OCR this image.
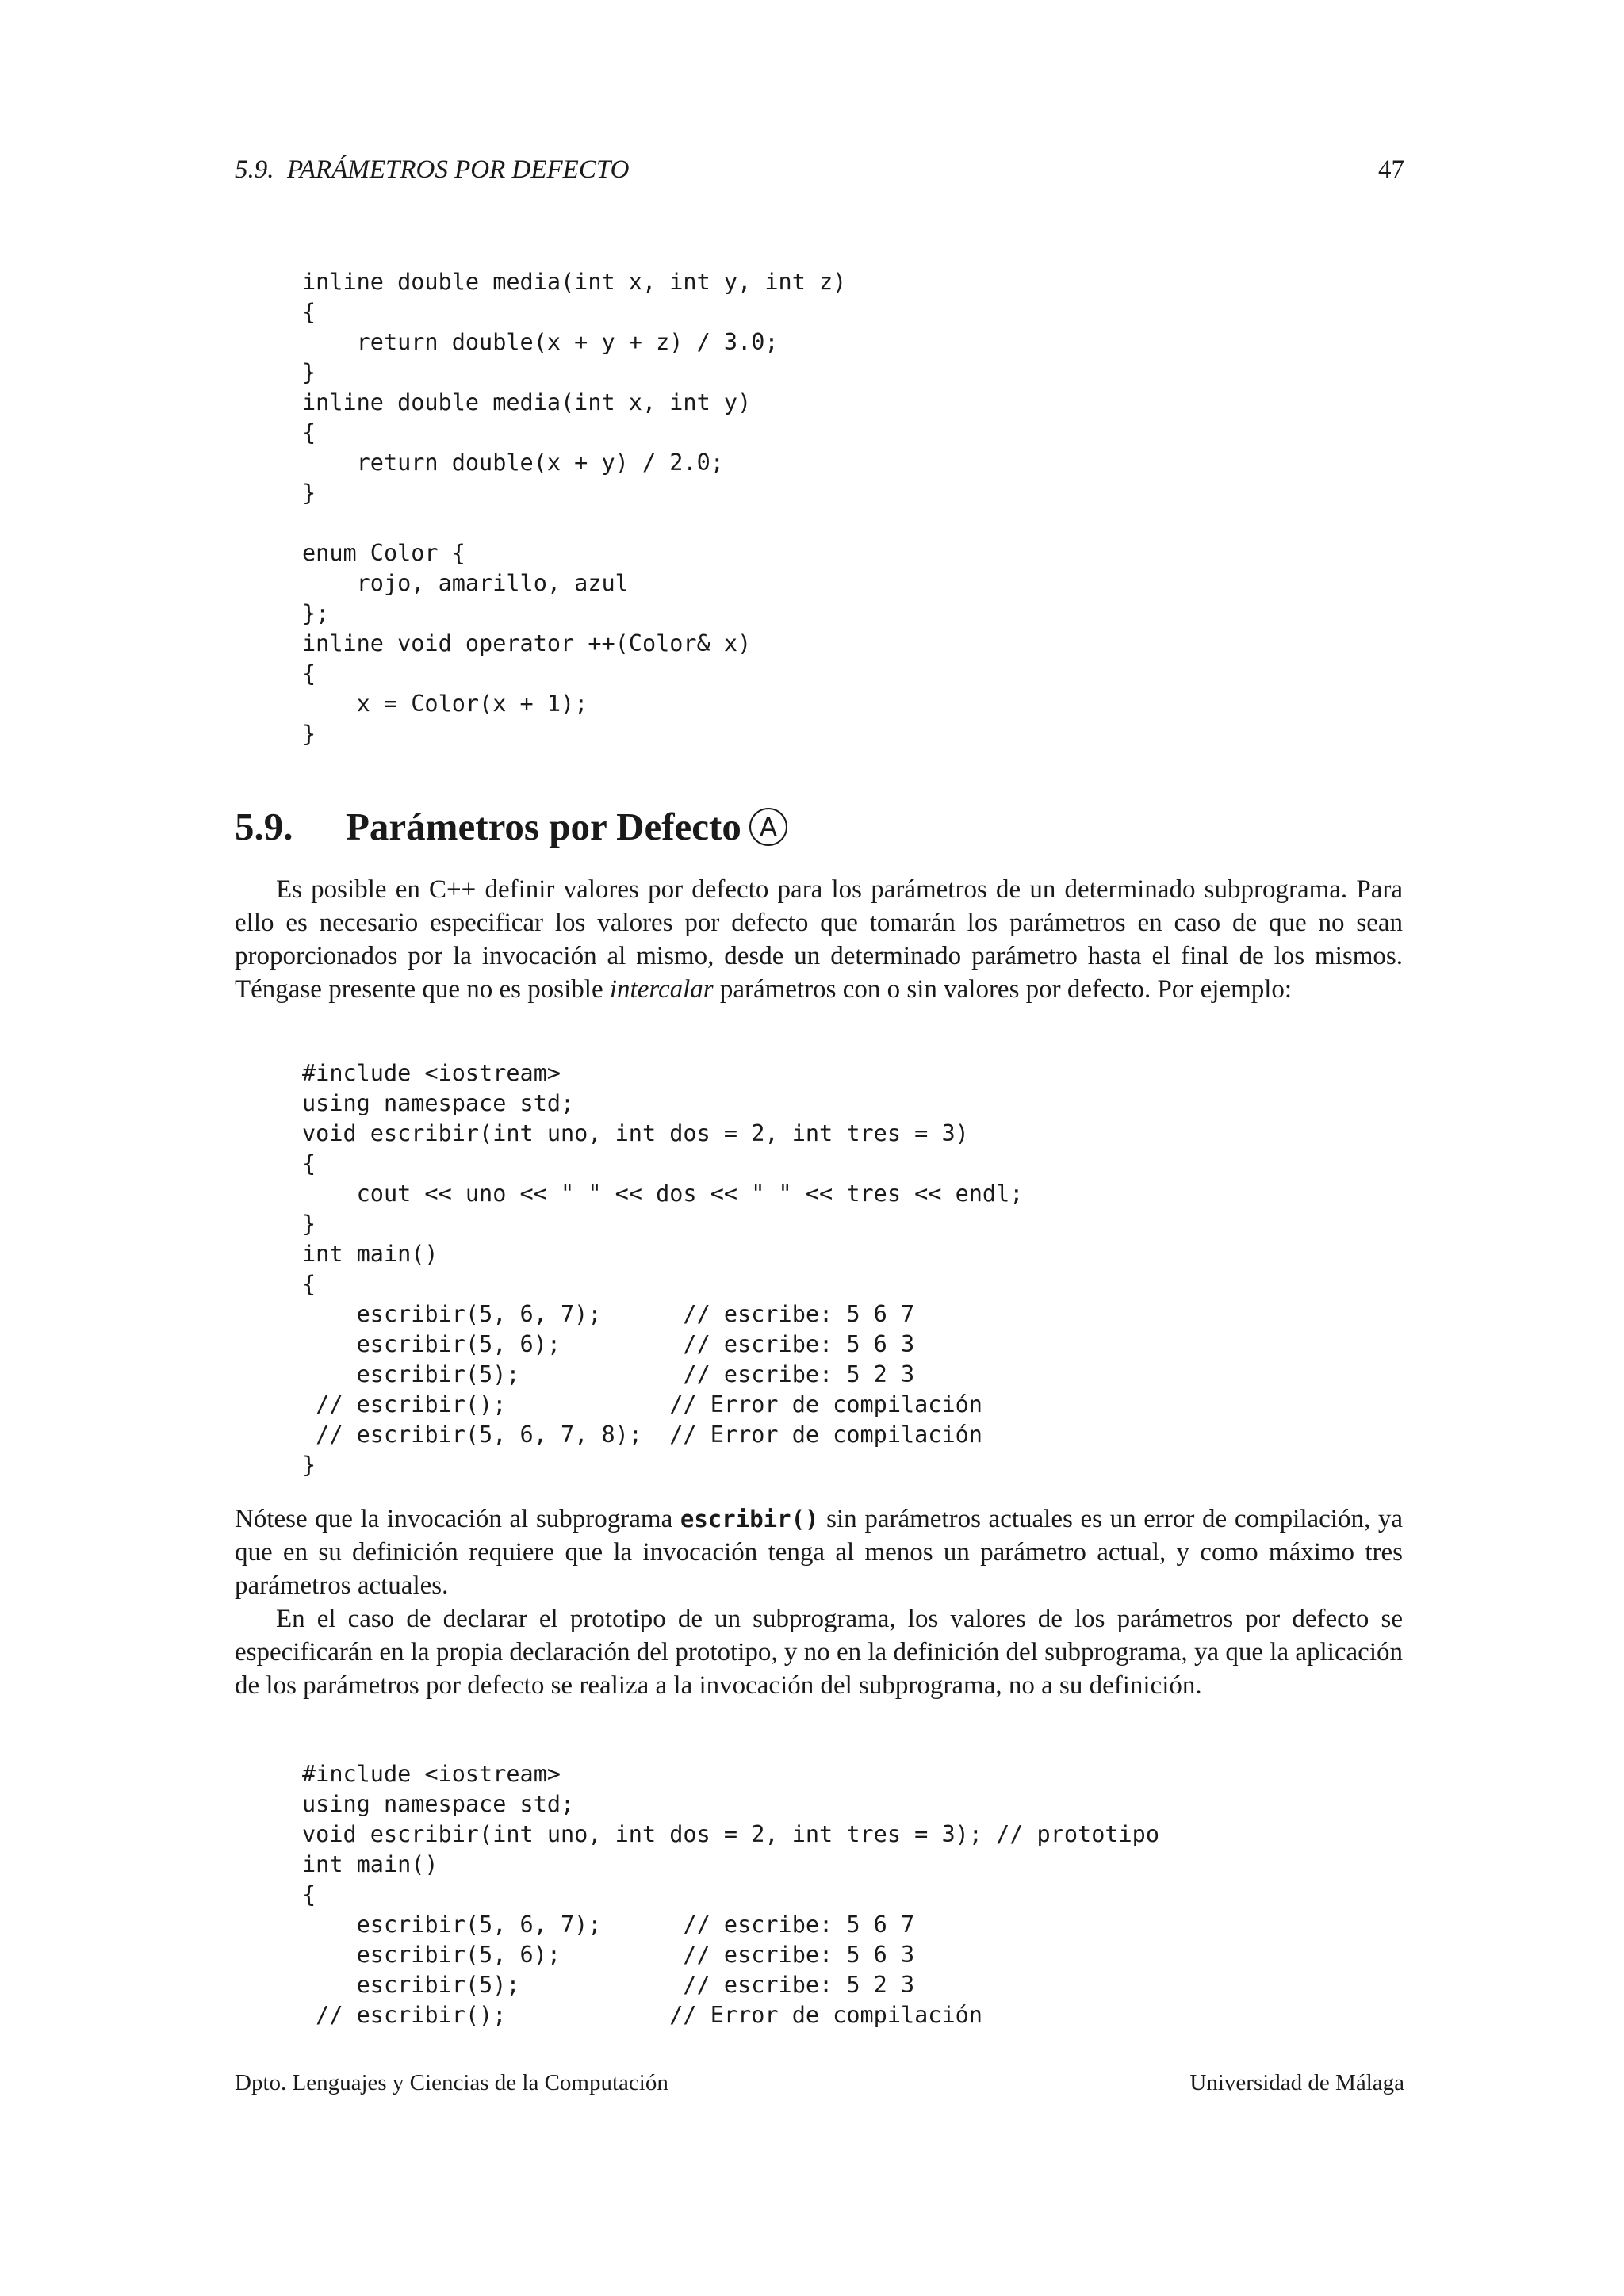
5.9.  PARÁMETROS POR DEFECTO	47
inline double media(int x, int y, int z)
{
return double(x + y + z) / 3.0;
}
inline double media(int x, int y)
{
return double(x + y) / 2.0;
}

enum Color {
rojo, amarillo, azul
};
inline void operator ++(Color& x)
{
x = Color(x + 1);
}
5.9. Parámetros por Defecto A

Es posible en C++ definir valores por defecto para los parámetros de un determinado subprograma. Para ello es necesario especificar los valores por defecto que tomarán los parámetros en caso de que no sean proporcionados por la invocación al mismo, desde un determinado parámetro hasta el final de los mismos. Téngase presente que no es posible intercalar parámetros con o sin valores por defecto. Por ejemplo:

#include <iostream>
using namespace std;
void escribir(int uno, int dos = 2, int tres = 3)
{
cout << uno << " " << dos << " " << tres << endl;
}
int main()
{
escribir(5, 6, 7);      // escribe: 5 6 7
escribir(5, 6);         // escribe: 5 6 3
escribir(5);            // escribe: 5 2 3
// escribir();            // Error de compilación
// escribir(5, 6, 7, 8);  // Error de compilación
}

Nótese que la invocación al subprograma escribir() sin parámetros actuales es un error de compilación, ya que en su definición requiere que la invocación tenga al menos un parámetro actual, y como máximo tres parámetros actuales.

En el caso de declarar el prototipo de un subprograma, los valores de los parámetros por defecto se especificarán en la propia declaración del prototipo, y no en la definición del subprograma, ya que la aplicación de los parámetros por defecto se realiza a la invocación del subprograma, no a su definición.

#include <iostream>
using namespace std;
void escribir(int uno, int dos = 2, int tres = 3); // prototipo
int main()
{
escribir(5, 6, 7);      // escribe: 5 6 7
escribir(5, 6);         // escribe: 5 6 3
escribir(5);            // escribe: 5 2 3
// escribir();            // Error de compilación
Dpto. Lenguajes y Ciencias de la Computación	Universidad de Málaga
